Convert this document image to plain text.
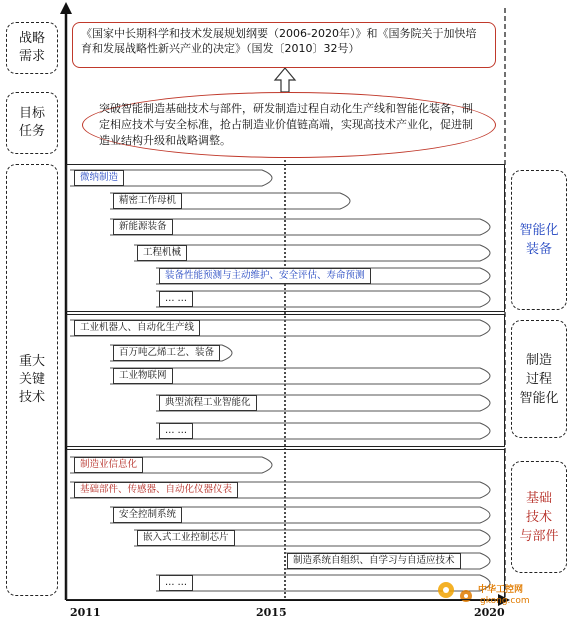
战略
需求
目标
任务
重大
关键
技术
《国家中长期科学和技术发展规划纲要（2006-2020年）》和《国务院关于加快培育和发展战略性新兴产业的决定》（国发〔2010〕32号）
突破智能制造基础技术与部件，研发制造过程自动化生产线和智能化装备，制定相应技术与安全标准，抢占制造业价值链高端，实现高技术产业化，促进制造业结构升级和战略调整。
微纳制造
精密工作母机
新能源装备
工程机械
装备性能预测与主动维护、安全评估、寿命预测
… …
工业机器人、自动化生产线
百万吨乙烯工艺、装备
工业物联网
典型流程工业智能化
… …
制造业信息化
基础部件、传感器、自动化仪器仪表
安全控制系统
嵌入式工业控制芯片
制造系统自组织、自学习与自适应技术
… …
智能化
装备
制造
过程
智能化
基础
技术
与部件
2011	2015	2020
中华工控网
gkong.com
